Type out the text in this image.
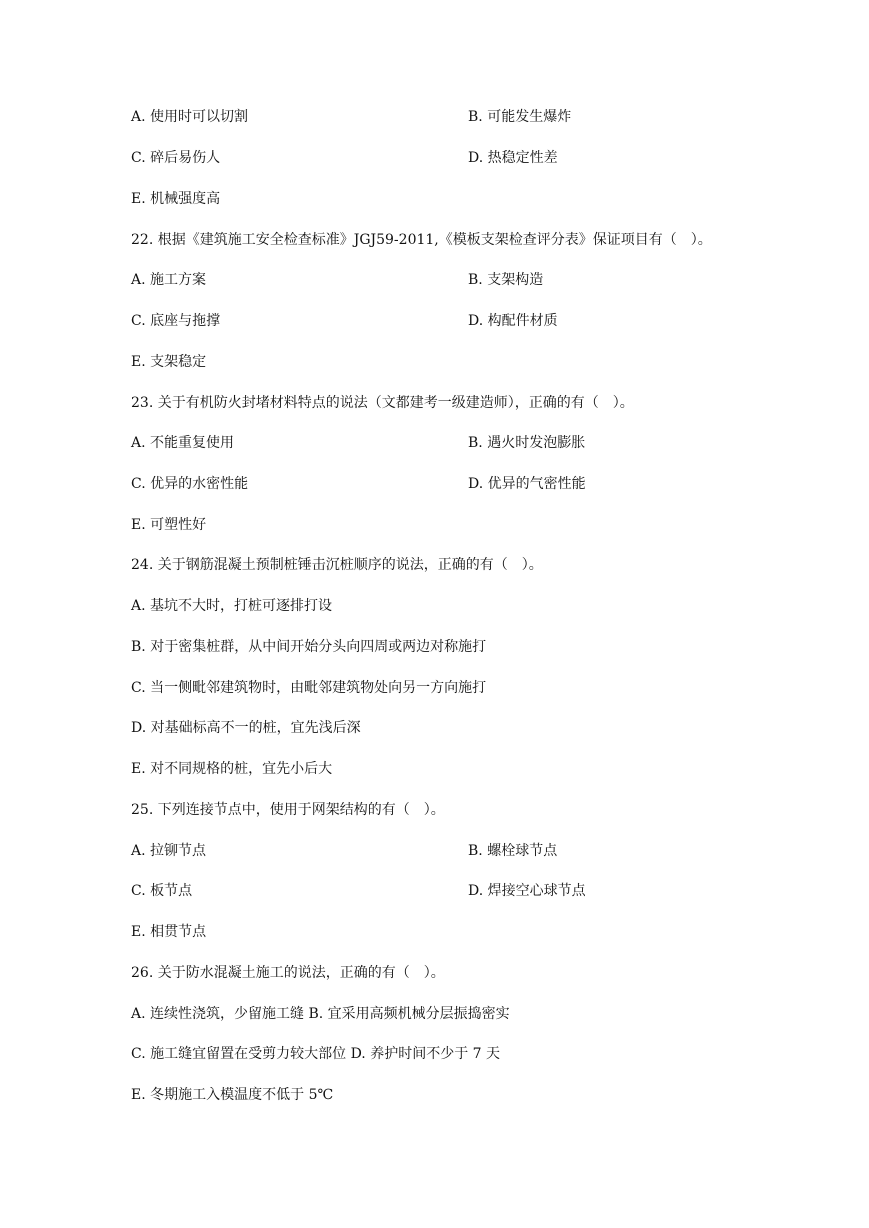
A. 使用时可以切割	B. 可能发生爆炸
C. 碎后易伤人	D. 热稳定性差
E. 机械强度高
22. 根据《建筑施工安全检查标准》JGJ59-2011,《模板支架检查评分表》保证项目有（　）。
A. 施工方案	B. 支架构造
C. 底座与拖撑	D. 构配件材质
E. 支架稳定
23. 关于有机防火封堵材料特点的说法（文都建考一级建造师），正确的有（　）。
A. 不能重复使用	B. 遇火时发泡膨胀
C. 优异的水密性能	D. 优异的气密性能
E. 可塑性好
24. 关于钢筋混凝土预制桩锤击沉桩顺序的说法，正确的有（　）。
A. 基坑不大时，打桩可逐排打设
B. 对于密集桩群，从中间开始分头向四周或两边对称施打
C. 当一侧毗邻建筑物时，由毗邻建筑物处向另一方向施打
D. 对基础标高不一的桩，宜先浅后深
E. 对不同规格的桩，宜先小后大
25. 下列连接节点中，使用于网架结构的有（　）。
A. 拉铆节点	B. 螺栓球节点
C. 板节点	D. 焊接空心球节点
E. 相贯节点
26. 关于防水混凝土施工的说法，正确的有（　）。
A. 连续性浇筑，少留施工缝 B. 宜采用高频机械分层振捣密实
C. 施工缝宜留置在受剪力较大部位 D. 养护时间不少于 7 天
E. 冬期施工入模温度不低于 5℃
